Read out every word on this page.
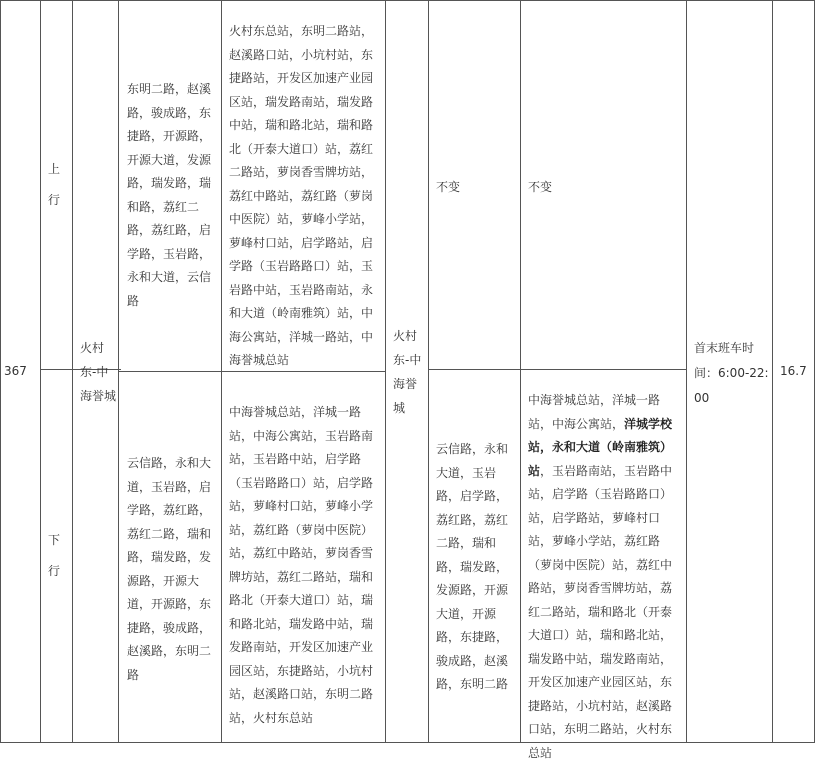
367
上行
下行
火村东-中海誉城
东明二路，赵溪路，骏成路，东捷路，开源路，开源大道，发源路，瑞发路，瑞和路，荔红二路，荔红路，启学路，玉岩路，永和大道，云信路
火村东总站，东明二路站，赵溪路口站，小坑村站，东捷路站，开发区加速产业园区站，瑞发路南站，瑞发路中站，瑞和路北站，瑞和路北（开泰大道口）站，荔红二路站，萝岗香雪牌坊站，荔红中路站，荔红路（萝岗中医院）站，萝峰小学站，萝峰村口站，启学路站，启学路（玉岩路路口）站，玉岩路中站，玉岩路南站，永和大道（岭南雅筑）站，中海公寓站，洋城一路站，中海誉城总站
云信路，永和大道，玉岩路，启学路，荔红路，荔红二路，瑞和路，瑞发路，发源路，开源大道，开源路，东捷路，骏成路，赵溪路，东明二路
中海誉城总站，洋城一路站，中海公寓站，玉岩路南站，玉岩路中站，启学路（玉岩路路口）站，启学路站，萝峰村口站，萝峰小学站，荔红路（萝岗中医院）站，荔红中路站，萝岗香雪牌坊站，荔红二路站，瑞和路北（开泰大道口）站，瑞和路北站，瑞发路中站，瑞发路南站，开发区加速产业园区站，东捷路站，小坑村站，赵溪路口站，东明二路站，火村东总站
火村东-中海誉城
不变	不变
云信路，永和大道，玉岩路，启学路，荔红路，荔红二路，瑞和路，瑞发路，发源路，开源大道，开源路，东捷路，骏成路，赵溪路，东明二路
中海誉城总站，洋城一路站，中海公寓站，洋城学校站，永和大道（岭南雅筑）站，玉岩路南站，玉岩路中站，启学路（玉岩路路口）站，启学路站，萝峰村口站，萝峰小学站，荔红路（萝岗中医院）站，荔红中路站，萝岗香雪牌坊站，荔红二路站，瑞和路北（开泰大道口）站，瑞和路北站，瑞发路中站，瑞发路南站，开发区加速产业园区站，东捷路站，小坑村站，赵溪路口站，东明二路站，火村东总站
首末班车时间：6:00-22:00
16.7
